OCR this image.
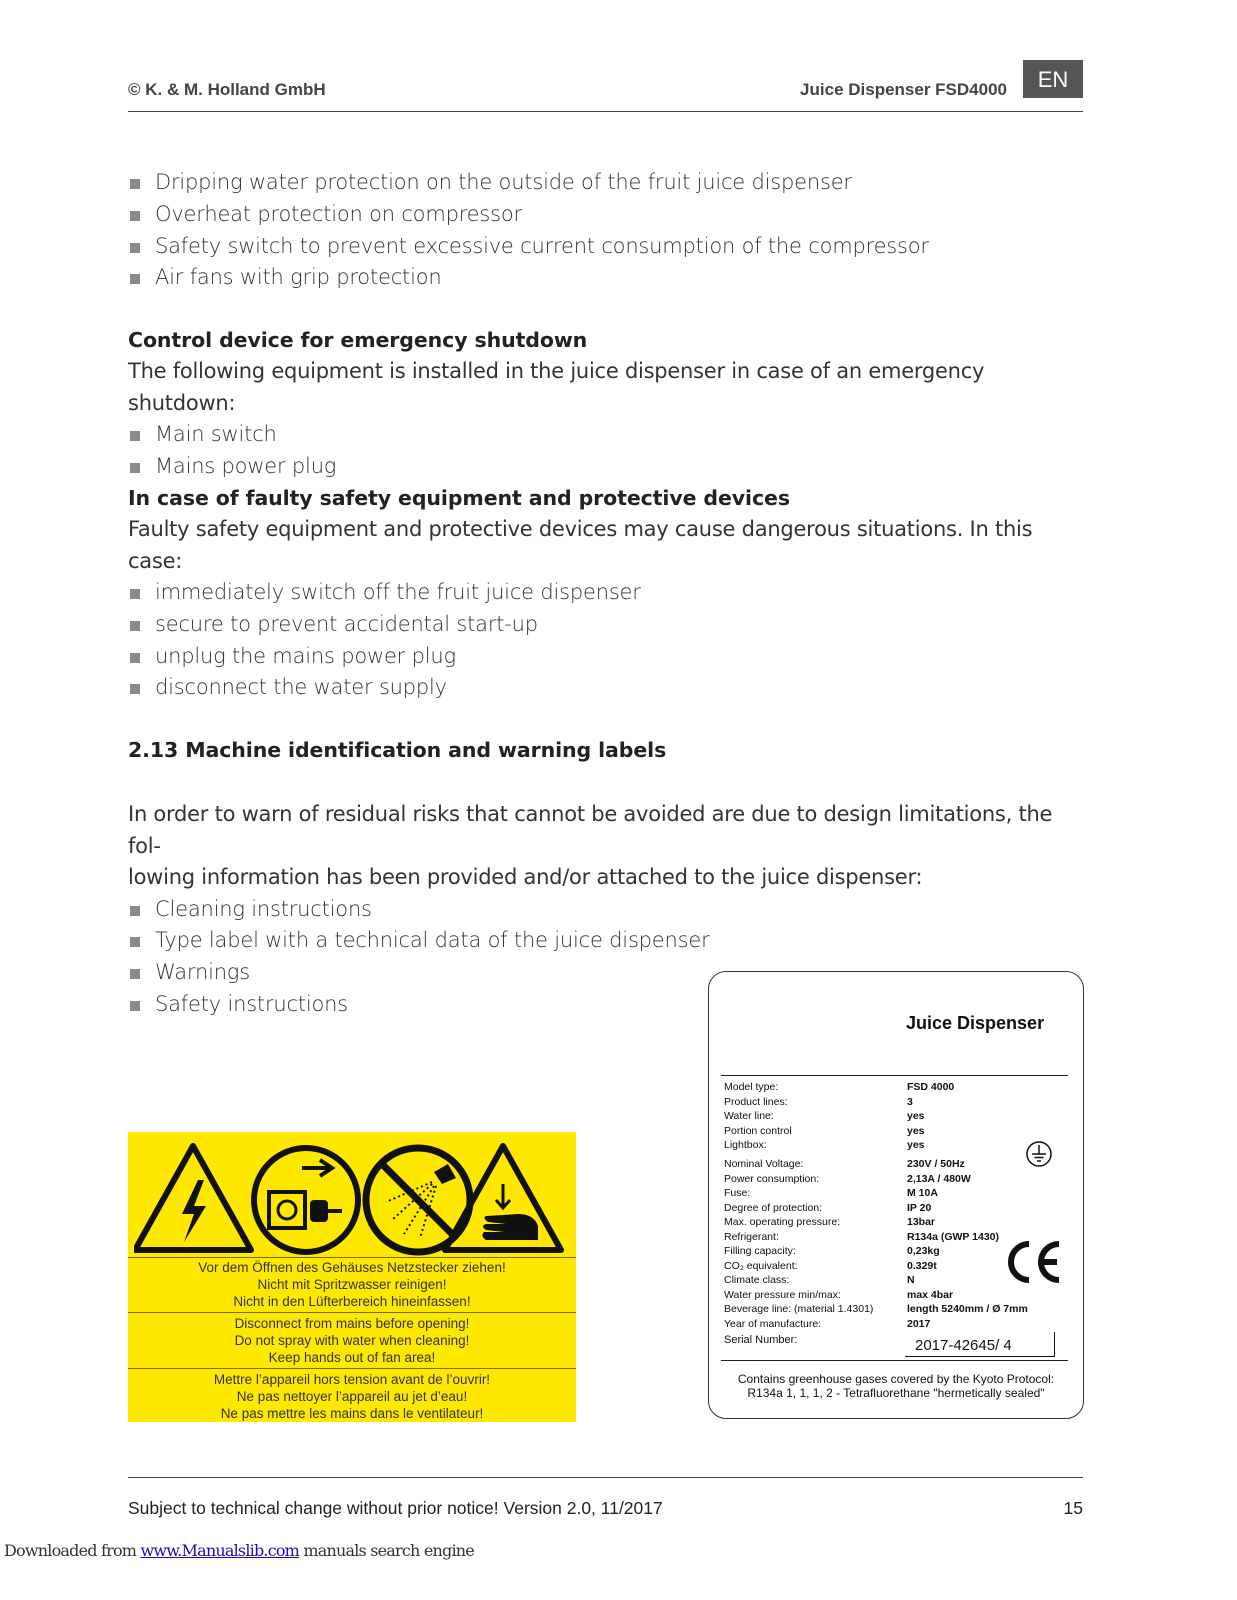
© K. & M. Holland GmbH	Juice Dispenser FSD4000	EN
Dripping water protection on the outside of the fruit juice dispenser
Overheat protection on compressor
Safety switch to prevent excessive current consumption of the compressor
Air fans with grip protection
Control device for emergency shutdown

The following equipment is installed in the juice dispenser in case of an emergency shutdown:

Main switch
Mains power plug
In case of faulty safety equipment and protective devices

Faulty safety equipment and protective devices may cause dangerous situations. In this case:

immediately switch off the fruit juice dispenser
secure to prevent accidental start-up
unplug the mains power plug
disconnect the water supply
2.13 Machine identification and warning labels

In order to warn of residual risks that cannot be avoided are due to design limitations, the fol-

lowing information has been provided and/or attached to the juice dispenser:

Cleaning instructions
Type label with a technical data of the juice dispenser
Warnings
Safety instructions
Vor dem Öffnen des Gehäuses Netzstecker ziehen!
Nicht mit Spritzwasser reinigen!
Nicht in den Lüfterbereich hineinfassen!
Disconnect from mains before opening!
Do not spray with water when cleaning!
Keep hands out of fan area!
Mettre l’appareil hors tension avant de l’ouvrir!
Ne pas nettoyer l’appareil au jet d’eau!
Ne pas mettre les mains dans le ventilateur!
Juice Dispenser
Model type:	FSD 4000
Product lines:	3
Water line:	yes
Portion control	yes
Lightbox:	yes
Nominal Voltage:	230V / 50Hz
Power consumption:	2,13A / 480W
Fuse:	M 10A
Degree of protection:	IP 20
Max. operating pressure:	13bar
Refrigerant:	R134a (GWP 1430)
Filling capacity:	0,23kg
CO₂ equivalent:	0.329t
Climate class:	N
Water pressure min/max:	max 4bar
Beverage line: (material 1.4301)	length 5240mm / Ø 7mm
Year of manufacture:	2017
Serial Number:	2017-42645/ 4
Contains greenhouse gases covered by the Kyoto Protocol:
R134a 1, 1, 1, 2 - Tetrafluorethane "hermetically sealed"
Subject to technical change without prior notice! Version 2.0, 11/2017	15
Downloaded from www.Manualslib.com manuals search engine
